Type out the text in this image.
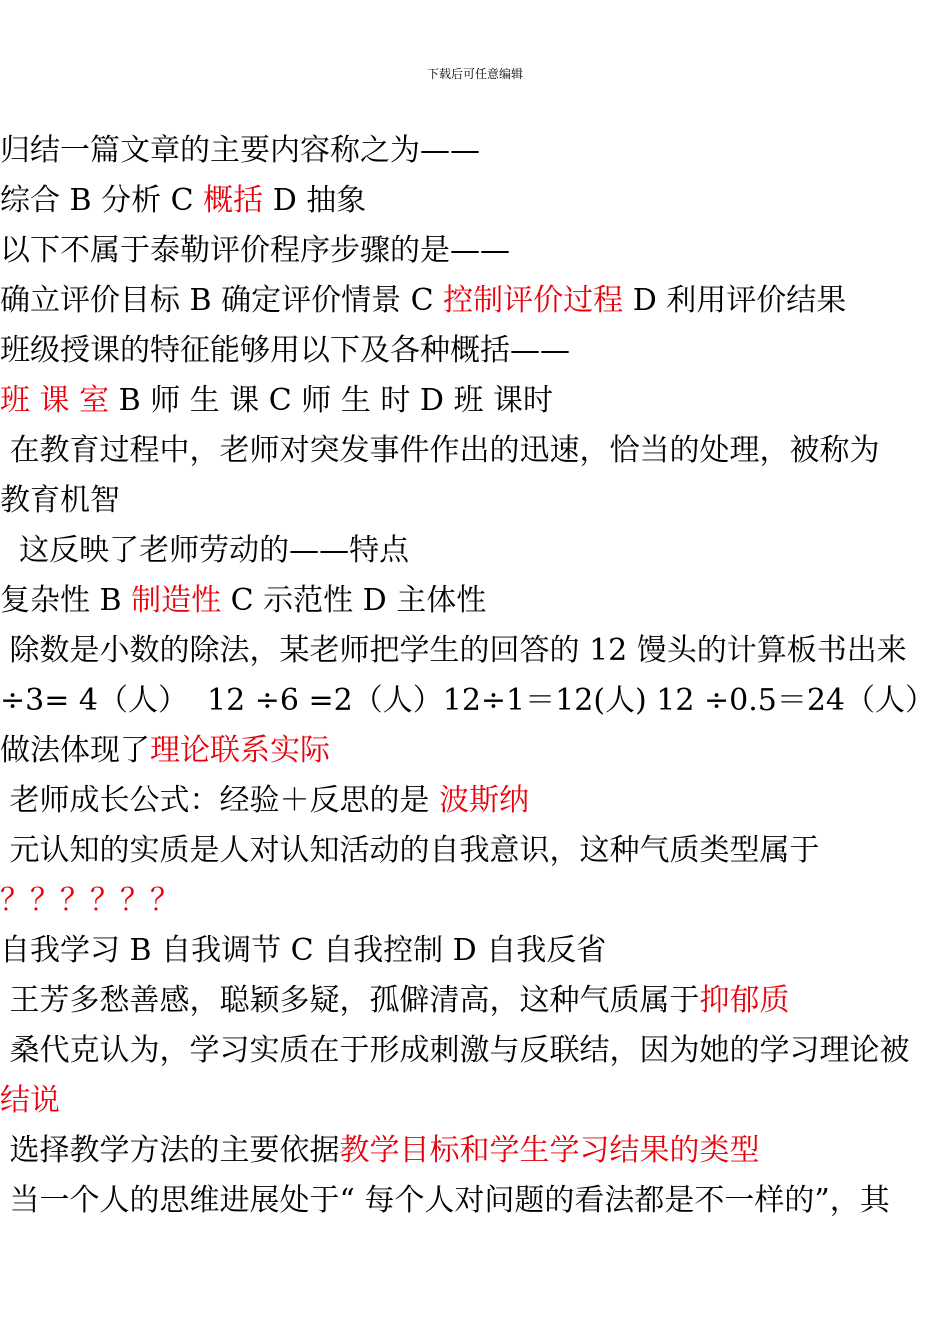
下载后可任意编辑
归结一篇文章的主要内容称之为——
综合 B 分析 C 概括 D 抽象
以下不属于泰勒评价程序步骤的是——
确立评价目标 B 确定评价情景 C 控制评价过程 D 利用评价结果
班级授课的特征能够用以下及各种概括——
班 课 室 B 师 生 课 C 师 生 时 D 班 课时
在教育过程中，老师对突发事件作出的迅速，恰当的处理，被称为
教育机智
这反映了老师劳动的——特点
复杂性 B 制造性 C 示范性 D 主体性
除数是小数的除法，某老师把学生的回答的 12 馒头的计算板书出来
÷3= 4（人）  12 ÷6 =2（人）12÷1＝12(人) 12 ÷0.5＝24（人）
做法体现了理论联系实际
老师成长公式：经验＋反思的是 波斯纳
元认知的实质是人对认知活动的自我意识，这种气质类型属于
？？？？？？
自我学习 B 自我调节 C 自我控制 D 自我反省
王芳多愁善感，聪颖多疑，孤僻清高，这种气质属于抑郁质
桑代克认为，学习实质在于形成刺激与反联结，因为她的学习理论被
结说
选择教学方法的主要依据教学目标和学生学习结果的类型
当一个人的思维进展处于“ 每个人对问题的看法都是不一样的”，其
